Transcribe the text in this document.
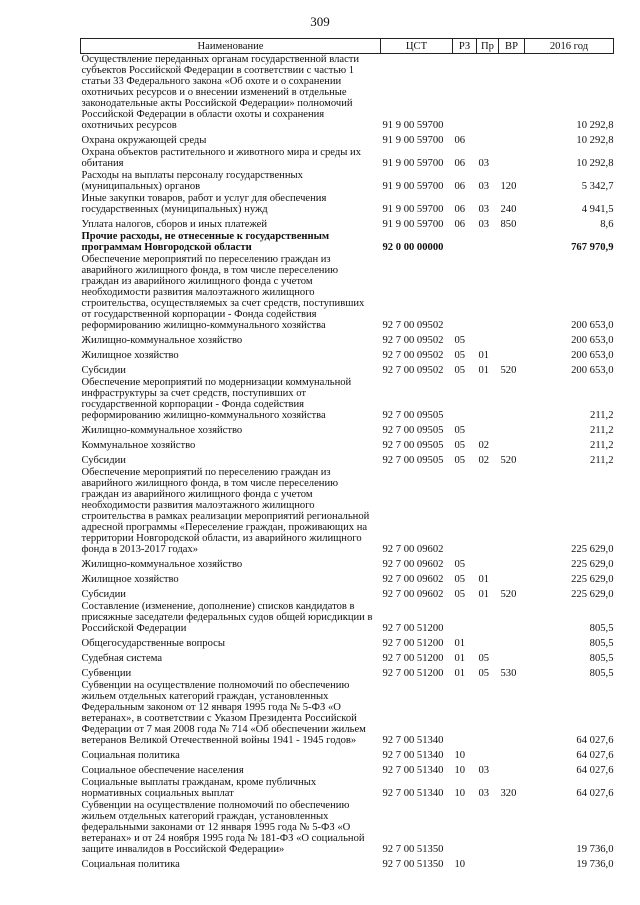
309
Наименование	ЦСТ	РЗ	Пр	ВР	2016 год
Осуществление переданных органам государственной власти субъектов Российской Федерации в соответствии с частью 1 статьи 33 Федерального закона «Об охоте и о сохранении охотничьих ресурсов и о внесении изменений в отдельные законодательные акты Российской Федерации» полномочий Российской Федерации в области охоты и сохранения охотничьих ресурсов	91 9 00 59700				10 292,8
Охрана окружающей среды	91 9 00 59700	06			10 292,8
Охрана объектов растительного и животного мира и среды их обитания	91 9 00 59700	06	03		10 292,8
Расходы на выплаты персоналу государственных (муниципальных) органов	91 9 00 59700	06	03	120	5 342,7
Иные закупки товаров, работ и услуг для обеспечения государственных (муниципальных) нужд	91 9 00 59700	06	03	240	4 941,5
Уплата налогов, сборов и иных платежей	91 9 00 59700	06	03	850	8,6
Прочие расходы, не отнесенные к государственным программам Новгородской области	92 0 00 00000				767 970,9
Обеспечение мероприятий по переселению граждан из аварийного жилищного фонда, в том числе переселению граждан из аварийного жилищного фонда с учетом необходимости развития малоэтажного жилищного строительства, осуществляемых за счет средств, поступивших от государственной корпорации - Фонда содействия реформированию жилищно-коммунального хозяйства	92 7 00 09502				200 653,0
Жилищно-коммунальное хозяйство	92 7 00 09502	05			200 653,0
Жилищное хозяйство	92 7 00 09502	05	01		200 653,0
Субсидии	92 7 00 09502	05	01	520	200 653,0
Обеспечение мероприятий по модернизации коммунальной инфраструктуры за счет средств, поступивших от государственной корпорации - Фонда содействия реформированию жилищно-коммунального хозяйства	92 7 00 09505				211,2
Жилищно-коммунальное хозяйство	92 7 00 09505	05			211,2
Коммунальное хозяйство	92 7 00 09505	05	02		211,2
Субсидии	92 7 00 09505	05	02	520	211,2
Обеспечение мероприятий по переселению граждан из аварийного жилищного фонда, в том числе переселению граждан из аварийного жилищного фонда с учетом необходимости развития малоэтажного жилищного строительства в рамках реализации мероприятий региональной адресной программы «Переселение граждан, проживающих на территории Новгородской области, из аварийного жилищного фонда в 2013-2017 годах»	92 7 00 09602				225 629,0
Жилищно-коммунальное хозяйство	92 7 00 09602	05			225 629,0
Жилищное хозяйство	92 7 00 09602	05	01		225 629,0
Субсидии	92 7 00 09602	05	01	520	225 629,0
Составление (изменение, дополнение) списков кандидатов в присяжные заседатели федеральных судов общей юрисдикции в Российской Федерации	92 7 00 51200				805,5
Общегосударственные вопросы	92 7 00 51200	01			805,5
Судебная система	92 7 00 51200	01	05		805,5
Субвенции	92 7 00 51200	01	05	530	805,5
Субвенции на осуществление полномочий по обеспечению жильем отдельных категорий граждан, установленных Федеральным законом от 12 января 1995 года № 5-ФЗ «О ветеранах», в соответствии с Указом Президента Российской Федерации от 7 мая 2008 года № 714 «Об обеспечении жильем ветеранов Великой Отечественной войны 1941 - 1945 годов»	92 7 00 51340				64 027,6
Социальная политика	92 7 00 51340	10			64 027,6
Социальное обеспечение населения	92 7 00 51340	10	03		64 027,6
Социальные выплаты гражданам, кроме публичных нормативных социальных выплат	92 7 00 51340	10	03	320	64 027,6
Субвенции на осуществление полномочий по обеспечению жильем отдельных категорий граждан, установленных федеральными законами от 12 января 1995 года № 5-ФЗ «О ветеранах» и от 24 ноября 1995 года № 181-ФЗ «О социальной защите инвалидов в Российской Федерации»	92 7 00 51350				19 736,0
Социальная политика	92 7 00 51350	10			19 736,0
